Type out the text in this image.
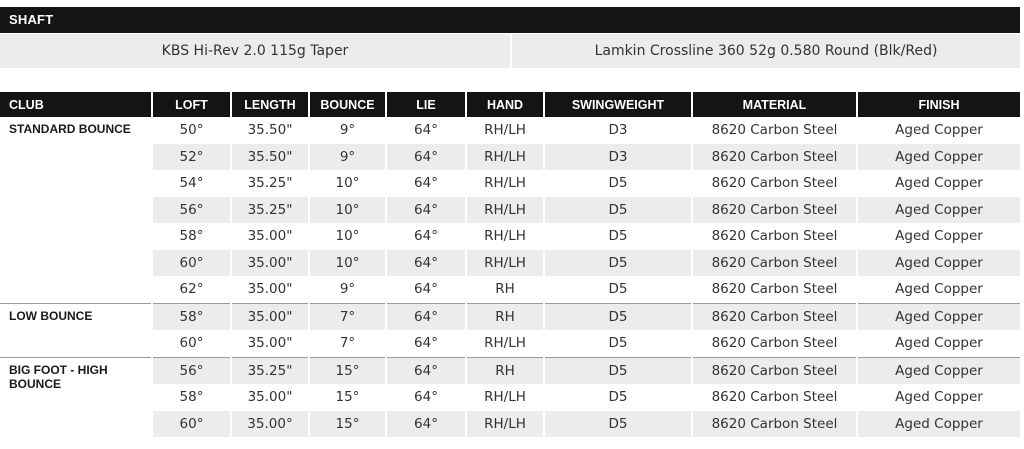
SHAFT
KBS Hi-Rev 2.0 115g Taper	Lamkin Crossline 360 52g 0.580 Round (Blk/Red)
CLUB	LOFT	LENGTH	BOUNCE	LIE	HAND	SWINGWEIGHT	MATERIAL	FINISH
STANDARD BOUNCE	50°	35.50"	9°	64°	RH/LH	D3	8620 Carbon Steel	Aged Copper
	52°	35.50"	9°	64°	RH/LH	D3	8620 Carbon Steel	Aged Copper
	54°	35.25"	10°	64°	RH/LH	D5	8620 Carbon Steel	Aged Copper
	56°	35.25"	10°	64°	RH/LH	D5	8620 Carbon Steel	Aged Copper
	58°	35.00"	10°	64°	RH/LH	D5	8620 Carbon Steel	Aged Copper
	60°	35.00"	10°	64°	RH/LH	D5	8620 Carbon Steel	Aged Copper
	62°	35.00"	9°	64°	RH	D5	8620 Carbon Steel	Aged Copper
LOW BOUNCE	58°	35.00"	7°	64°	RH	D5	8620 Carbon Steel	Aged Copper
	60°	35.00"	7°	64°	RH/LH	D5	8620 Carbon Steel	Aged Copper
BIG FOOT - HIGH BOUNCE	56°	35.25"	15°	64°	RH	D5	8620 Carbon Steel	Aged Copper
	58°	35.00"	15°	64°	RH/LH	D5	8620 Carbon Steel	Aged Copper
	60°	35.00°	15°	64°	RH/LH	D5	8620 Carbon Steel	Aged Copper
